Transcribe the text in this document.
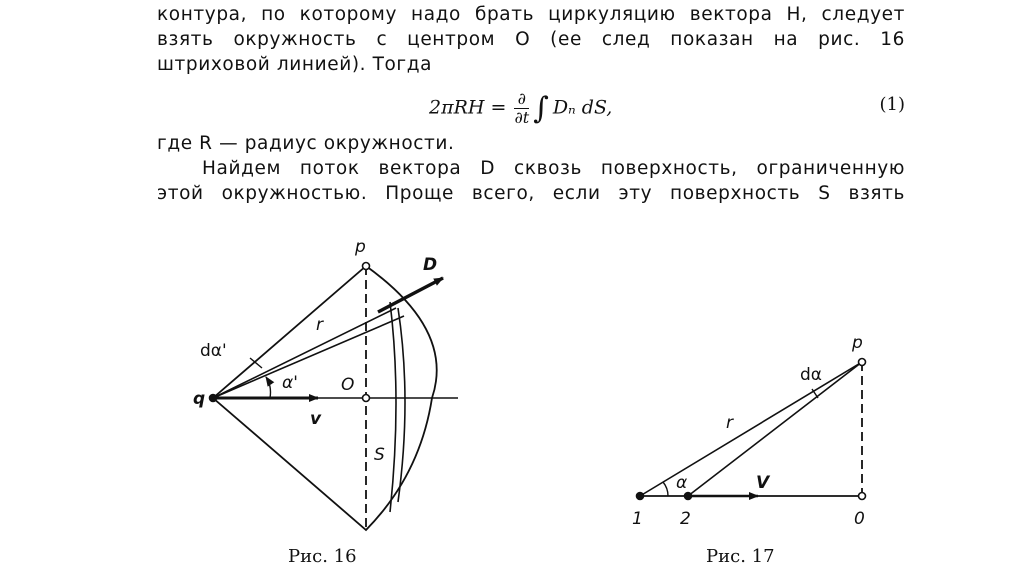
контура, по которому надо брать циркуляцию вектора Н, следует
взять окружность с центром О (ее след показан на рис. 16
штриховой линией). Тогда
$2\pi RH = \frac{\partial}{\partial t}$ ∫ Dₙ dS,	(1)
где R — радиус окружности.
Найдем поток вектора D сквозь поверхность, ограниченную
этой окружностью. Проще всего, если эту поверхность S взять
p
D
r
dα'
α'	O
q
v
S
Рис. 16
p
dα
r
α	V
1 2	0
Рис. 17
